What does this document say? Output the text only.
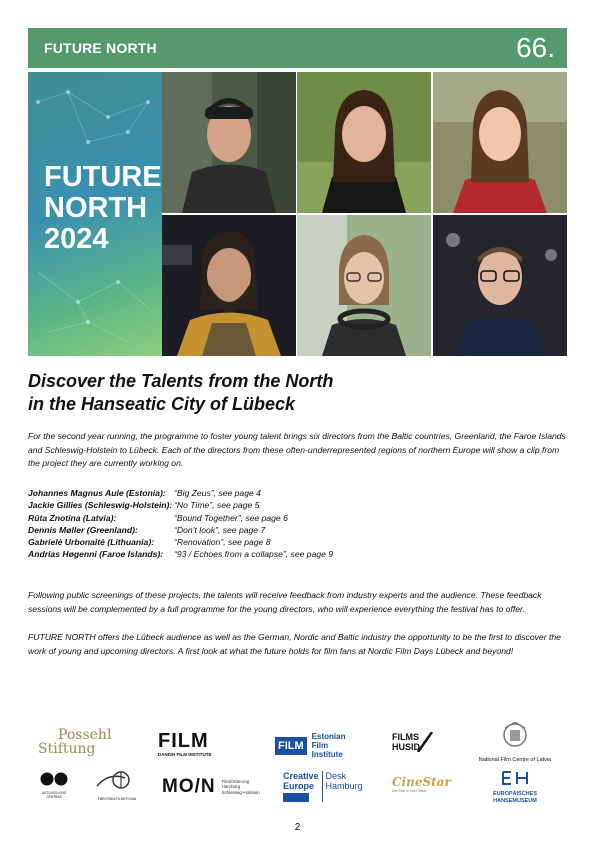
FUTURE NORTH	66.
FUTURE
NORTH
2024
Discover the Talents from the North
in the Hanseatic City of Lübeck
For the second year running, the programme to foster young talent brings six directors from the Baltic countries, Greenland, the Faroe Islands and Schleswig-Holstein to Lübeck. Each of the directors from these often-underrepresented regions of northern Europe will show a clip from the project they are currently working on.
Johannes Magnus Aule (Estonia): “Big Zeus”, see page 4
Jackie Gillies (Schleswig-Holstein): “No Time”, see page 5
Rūta Znotina (Latvia):	“Bound Together”, see page 6
Dennis Møller (Greenland):	“Don’t look”, see page 7
Gabrielė Urbonaitė (Lithuania):	“Renovation”, see page 8
Andrias Høgenni (Faroe Islands):	“93 / Echoes from a collapse”, see page 9
Following public screenings of these projects, the talents will receive feedback from industry experts and the audience. These feedback sessions will be complemented by a full programme for the young directors, who will experience everything the festival has to offer.
FUTURE NORTH offers the Lübeck audience as well as the German, Nordic and Baltic industry the opportunity to be the first to discover the work of young and upcoming directors. A first look at what the future holds for film fans at Nordic Film Days Lübeck and beyond!
Possehl
Stiftung	FILM
DANISH FILM INSTITUTE
FILM
Estonian
Film
Institute
FILMS
HUSID
National Film Centre of Latvia
LIETUVOS KINO CENTRAS	FØROYSKA FILMSTOVAN
MO/N Filmförderung
Hamburg
Schleswig-Holstein
Creative
Europe
Desk
Hamburg CineStar
Der Star in Ihrer Stadt	EUROPÄISCHES
HANSEMUSEUM
2
